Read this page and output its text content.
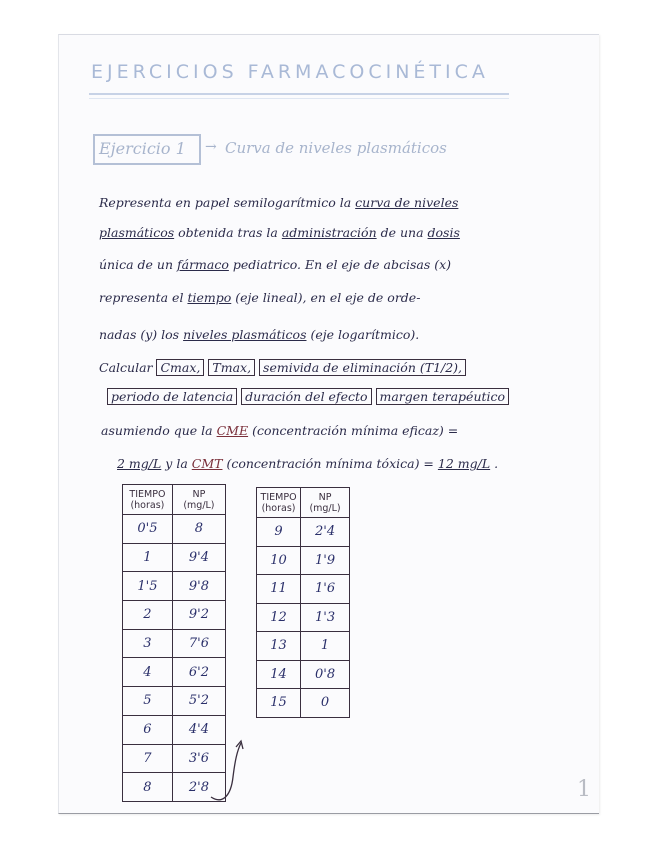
EJERCICIOS FARMACOCINÉTICA
Ejercicio 1 → Curva de niveles plasmáticos
Representa en papel semilogarítmico la curva de niveles
plasmáticos obtenida tras la administración de una dosis
única de un fármaco pediatrico. En el eje de abcisas (x)
representa el tiempo (eje lineal), en el eje de orde-
nadas (y) los niveles plasmáticos (eje logarítmico).
Calcular Cmax, Tmax, semivida de eliminación (T1/2),
periodo de latencia duración del efecto margen terapéutico
asumiendo que la CME (concentración mínima eficaz) =
2 mg/L y la CMT (concentración mínima tóxica) = 12 mg/L .
TIEMPO
(horas)	NP
(mg/L)
0'5	8
1	9'4
1'5	9'8
2	9'2
3	7'6
4	6'2
5	5'2
6	4'4
7	3'6
8	2'8
TIEMPO
(horas)	NP
(mg/L)
9	2'4
10	1'9
11	1'6
12	1'3
13	1
14	0'8
15	0
1
